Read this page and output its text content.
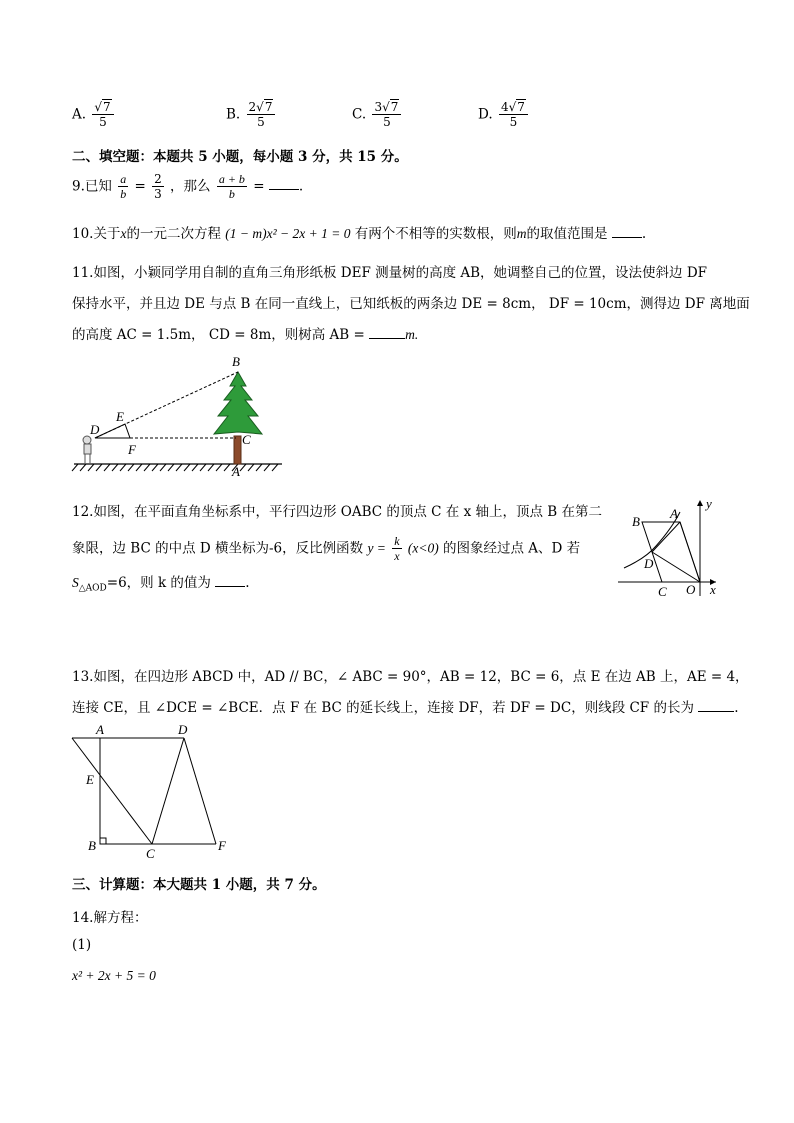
A. $\frac{√7}{5}$	B. $\frac{2√7}{5}$	C. $\frac{3√7}{5}$	D. $\frac{4√7}{5}$
二、填空题：本题共 5 小题，每小题 3 分，共 15 分。
9.已知 $\frac{a}{b} = \frac{2}{3}$ ，那么 $\frac{a + b}{b}$ =	.
10.关于x的一元二次方程 (1 − m)x² − 2x + 1 = 0 有两个不相等的实数根，则m的取值范围是	.
11.如图，小颖同学用自制的直角三角形纸板 DEF 测量树的高度 AB，她调整自己的位置，设法使斜边 DF
保持水平，并且边 DE 与点 B 在同一直线上，已知纸板的两条边 DE = 8cm， DF = 10cm，测得边 DF 离地面
的高度 AC = 1.5m， CD = 8m，则树高 AB =	m.
B
E
D
F
C
A
12.如图，在平面直角坐标系中，平行四边形 OABC 的顶点 C 在 x 轴上，顶点 B 在第二
象限，边 BC 的中点 D 横坐标为-6，反比例函数 $y = \frac{k}{x} (x<0)$ 的图象经过点 A、D 若
$S_{\triangle AOD}=6$，则 k 的值为	.
y
x
B
A
D
C O
13.如图，在四边形 ABCD 中，AD // BC，∠ ABC = 90°，AB = 12，BC = 6，点 E 在边 AB 上，AE = 4，
连接 CE，且 ∠DCE = ∠BCE．点 F 在 BC 的延长线上，连接 DF，若 DF = DC，则线段 CF 的长为	.
A	D
E
B
C
F
三、计算题：本大题共 1 小题，共 7 分。
14.解方程：
(1)
x² + 2x + 5 = 0
